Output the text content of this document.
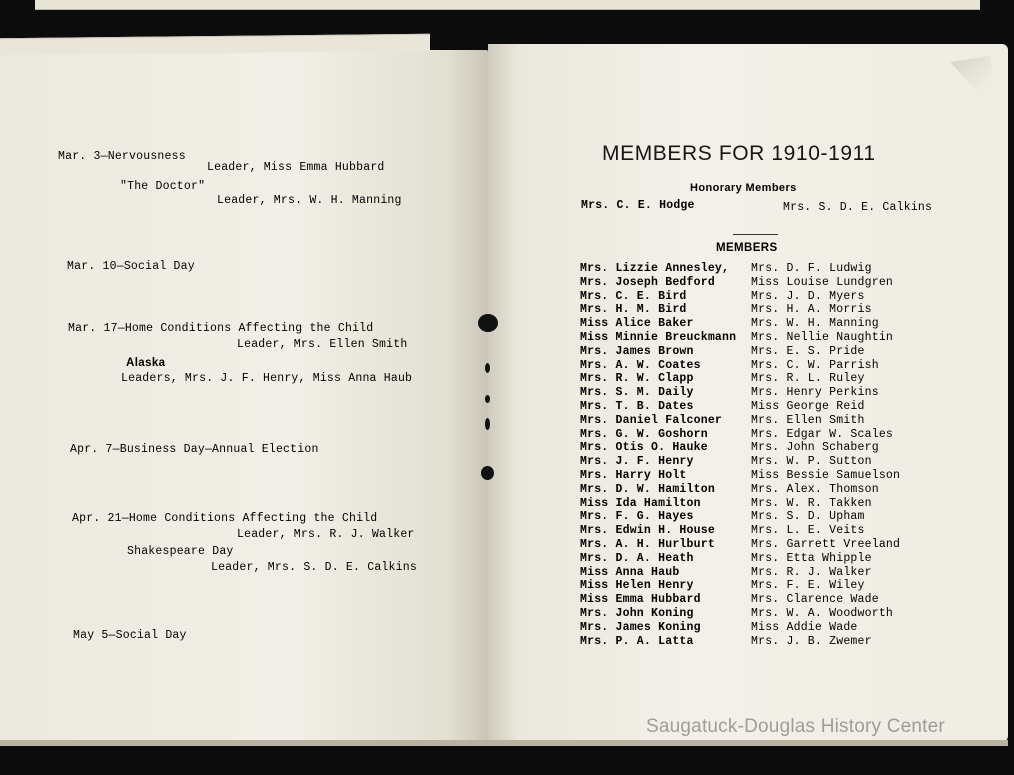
Mar. 3—Nervousness
Leader, Miss Emma Hubbard
"The Doctor"
Leader, Mrs. W. H. Manning
Mar. 10—Social Day
Mar. 17—Home Conditions Affecting the Child
Leader, Mrs. Ellen Smith
Alaska
Leaders, Mrs. J. F. Henry, Miss Anna Haub
Apr. 7—Business Day—Annual Election
Apr. 21—Home Conditions Affecting the Child
Leader, Mrs. R. J. Walker
Shakespeare Day
Leader, Mrs. S. D. E. Calkins
May 5—Social Day
MEMBERS FOR 1910-1911
Honorary Members
Mrs. C. E. Hodge	Mrs. S. D. E. Calkins
MEMBERS
Mrs. Lizzie Annesley,
Mrs. Joseph Bedford
Mrs. C. E. Bird
Mrs. H. M. Bird
Miss Alice Baker
Miss Minnie Breuckmann
Mrs. James Brown
Mrs. A. W. Coates
Mrs. R. W. Clapp
Mrs. S. M. Daily
Mrs. T. B. Dates
Mrs. Daniel Falconer
Mrs. G. W. Goshorn
Mrs. Otis O. Hauke
Mrs. J. F. Henry
Mrs. Harry Holt
Mrs. D. W. Hamilton
Miss Ida Hamilton
Mrs. F. G. Hayes
Mrs. Edwin H. House
Mrs. A. H. Hurlburt
Mrs. D. A. Heath
Miss Anna Haub
Miss Helen Henry
Miss Emma Hubbard
Mrs. John Koning
Mrs. James Koning
Mrs. P. A. Latta
Mrs. D. F. Ludwig
Miss Louise Lundgren
Mrs. J. D. Myers
Mrs. H. A. Morris
Mrs. W. H. Manning
Mrs. Nellie Naughtin
Mrs. E. S. Pride
Mrs. C. W. Parrish
Mrs. R. L. Ruley
Mrs. Henry Perkins
Miss George Reid
Mrs. Ellen Smith
Mrs. Edgar W. Scales
Mrs. John Schaberg
Mrs. W. P. Sutton
Miss Bessie Samuelson
Mrs. Alex. Thomson
Mrs. W. R. Takken
Mrs. S. D. Upham
Mrs. L. E. Veits
Mrs. Garrett Vreeland
Mrs. Etta Whipple
Mrs. R. J. Walker
Mrs. F. E. Wiley
Mrs. Clarence Wade
Mrs. W. A. Woodworth
Miss Addie Wade
Mrs. J. B. Zwemer
Saugatuck-Douglas History Center
